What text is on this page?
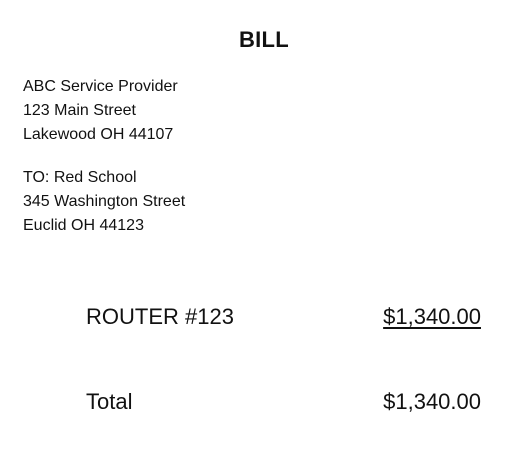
BILL
ABC Service Provider
123 Main Street
Lakewood OH 44107
TO: Red School
345 Washington Street
Euclid OH 44123
ROUTER #123	$1,340.00
Total	$1,340.00
